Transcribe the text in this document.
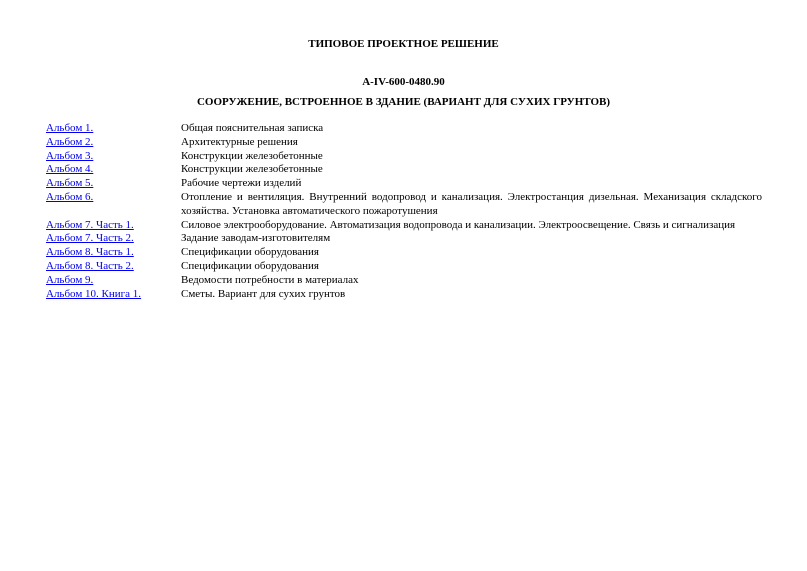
ТИПОВОЕ ПРОЕКТНОЕ РЕШЕНИЕ
А-IV-600-0480.90
СООРУЖЕНИЕ, ВСТРОЕННОЕ В ЗДАНИЕ (ВАРИАНТ ДЛЯ СУХИХ ГРУНТОВ)
Альбом 1.	Общая пояснительная записка
Альбом 2.	Архитектурные решения
Альбом 3.	Конструкции железобетонные
Альбом 4.	Конструкции железобетонные
Альбом 5.	Рабочие чертежи изделий
Альбом 6.	Отопление и вентиляция. Внутренний водопровод и канализация. Электростанция дизельная. Механизация складского хозяйства. Установка автоматического пожаротушения
Альбом 7. Часть 1.	Силовое электрооборудование. Автоматизация водопровода и канализации. Электроосвещение. Связь и сигнализация
Альбом 7. Часть 2.	Задание заводам-изготовителям
Альбом 8. Часть 1.	Спецификации оборудования
Альбом 8. Часть 2.	Спецификации оборудования
Альбом 9.	Ведомости потребности в материалах
Альбом 10. Книга 1.	Сметы. Вариант для сухих грунтов
